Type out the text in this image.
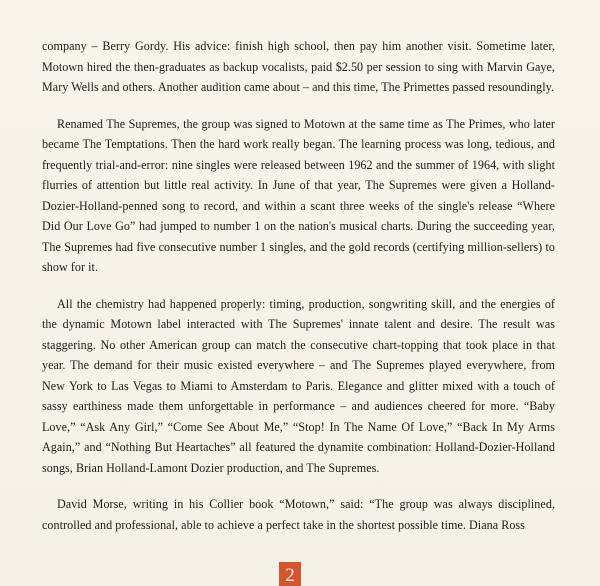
company – Berry Gordy. His advice: finish high school, then pay him another visit. Sometime later, Motown hired the then-graduates as backup vocalists, paid $2.50 per session to sing with Marvin Gaye, Mary Wells and others. Another audition came about – and this time, The Primettes passed resoundingly.

Renamed The Supremes, the group was signed to Motown at the same time as The Primes, who later became The Temptations. Then the hard work really began. The learning process was long, tedious, and frequently trial-and-error: nine singles were released between 1962 and the summer of 1964, with slight flurries of attention but little real activity. In June of that year, The Supremes were given a Holland-Dozier-Holland-penned song to record, and within a scant three weeks of the single's release “Where Did Our Love Go” had jumped to number 1 on the nation's musical charts. During the succeeding year, The Supremes had five consecutive number 1 singles, and the gold records (certifying million-sellers) to show for it.

All the chemistry had happened properly: timing, production, songwriting skill, and the energies of the dynamic Motown label interacted with The Supremes' innate talent and desire. The result was staggering. No other American group can match the consecutive chart-topping that took place in that year. The demand for their music existed everywhere – and The Supremes played everywhere, from New York to Las Vegas to Miami to Amsterdam to Paris. Elegance and glitter mixed with a touch of sassy earthiness made them unforgettable in performance – and audiences cheered for more. “Baby Love,” “Ask Any Girl,” “Come See About Me,” “Stop! In The Name Of Love,” “Back In My Arms Again,” and “Nothing But Heartaches” all featured the dynamite combination: Holland-Dozier-Holland songs, Brian Holland-Lamont Dozier production, and The Supremes.

David Morse, writing in his Collier book “Motown,” said: “The group was always disciplined, controlled and professional, able to achieve a perfect take in the shortest possible time. Diana Ross

2
